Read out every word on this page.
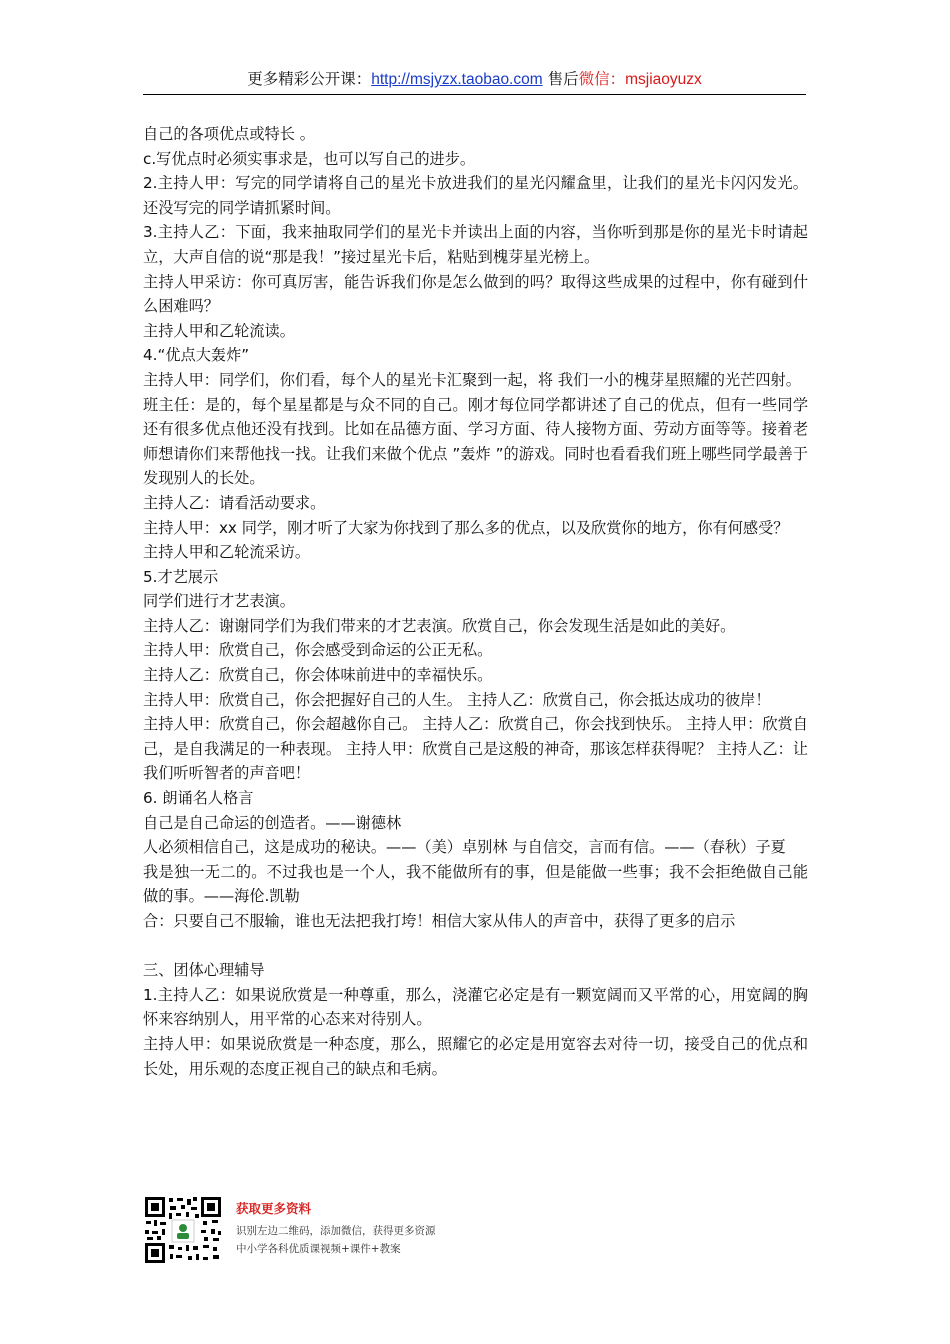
更多精彩公开课：http://msjyzx.taobao.com 售后微信：msjiaoyuzx

自己的各项优点或特长 。

c.写优点时必须实事求是，也可以写自己的进步。

2.主持人甲：写完的同学请将自己的星光卡放进我们的星光闪耀盒里，让我们的星光卡闪闪发光。还没写完的同学请抓紧时间。

3.主持人乙：下面，我来抽取同学们的星光卡并读出上面的内容，当你听到那是你的星光卡时请起立，大声自信的说“那是我！”接过星光卡后，粘贴到槐芽星光榜上。

主持人甲采访：你可真厉害，能告诉我们你是怎么做到的吗？取得这些成果的过程中，你有碰到什么困难吗？

主持人甲和乙轮流读。

4.“优点大轰炸”

主持人甲：同学们，你们看，每个人的星光卡汇聚到一起，将 我们一小的槐芽星照耀的光芒四射。

班主任：是的，每个星星都是与众不同的自己。刚才每位同学都讲述了自己的优点，但有一些同学还有很多优点他还没有找到。比如在品德方面、学习方面、待人接物方面、劳动方面等等。接着老师想请你们来帮他找一找。让我们来做个优点 ”轰炸 ”的游戏。同时也看看我们班上哪些同学最善于发现别人的长处。

主持人乙：请看活动要求。

主持人甲：xx 同学，刚才听了大家为你找到了那么多的优点，以及欣赏你的地方，你有何感受？

主持人甲和乙轮流采访。

5.才艺展示

同学们进行才艺表演。

主持人乙：谢谢同学们为我们带来的才艺表演。欣赏自己，你会发现生活是如此的美好。

主持人甲：欣赏自己，你会感受到命运的公正无私。

主持人乙：欣赏自己，你会体味前进中的幸福快乐。

主持人甲：欣赏自己，你会把握好自己的人生。 主持人乙：欣赏自己，你会抵达成功的彼岸！

主持人甲：欣赏自己，你会超越你自己。 主持人乙：欣赏自己，你会找到快乐。 主持人甲：欣赏自己，是自我满足的一种表现。 主持人甲：欣赏自己是这般的神奇，那该怎样获得呢？ 主持人乙：让我们听听智者的声音吧！

6. 朗诵名人格言

自己是自己命运的创造者。——谢德林

人必须相信自己，这是成功的秘诀。——（美）卓别林 与自信交，言而有信。——（春秋）子夏

我是独一无二的。不过我也是一个人，我不能做所有的事，但是能做一些事；我不会拒绝做自己能做的事。——海伦.凯勒

合：只要自己不服输，谁也无法把我打垮！相信大家从伟人的声音中，获得了更多的启示

三、团体心理辅导

1.主持人乙：如果说欣赏是一种尊重，那么，浇灌它必定是有一颗宽阔而又平常的心，用宽阔的胸怀来容纳别人，用平常的心态来对待别人。

主持人甲：如果说欣赏是一种态度，那么，照耀它的必定是用宽容去对待一切，接受自己的优点和长处，用乐观的态度正视自己的缺点和毛病。

获取更多资料
识别左边二维码，添加微信，获得更多资源
中小学各科优质课视频+课件+教案
